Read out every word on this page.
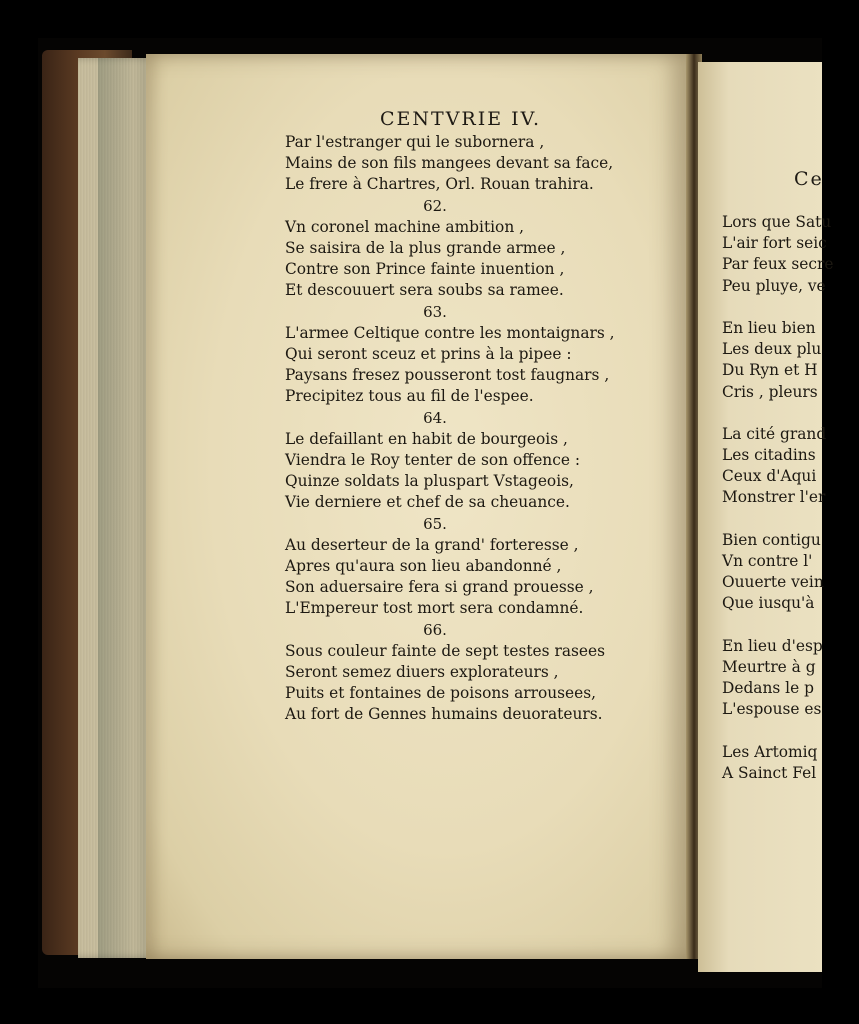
Ce
Lors que Satu
L'air fort seic
Par feux secre
Peu pluye, ve
En lieu bien
Les deux plu
Du Ryn et H
Cris , pleurs
La cité grand
Les citadins
Ceux d'Aqui
Monstrer l'er
Bien contigu
Vn contre l'
Ouuerte vein
Que iusqu'à
En lieu d'esp
Meurtre à g
Dedans le p
L'espouse es
Les Artomiq
A Sainct Fel
CENTVRIE IV.
Par l'estranger qui le subornera ,
Mains de son fils mangees devant sa face,
Le frere à Chartres, Orl. Rouan trahira.
62.
Vn coronel machine ambition ,
Se saisira de la plus grande armee ,
Contre son Prince fainte inuention ,
Et descouuert sera soubs sa ramee.
63.
L'armee Celtique contre les montaignars ,
Qui seront sceuz et prins à la pipee :
Paysans fresez pousseront tost faugnars ,
Precipitez tous au fil de l'espee.
64.
Le defaillant en habit de bourgeois ,
Viendra le Roy tenter de son offence :
Quinze soldats la pluspart Vstageois,
Vie derniere et chef de sa cheuance.
65.
Au deserteur de la grand' forteresse ,
Apres qu'aura son lieu abandonné ,
Son aduersaire fera si grand prouesse ,
L'Empereur tost mort sera condamné.
66.
Sous couleur fainte de sept testes rasees
Seront semez diuers explorateurs ,
Puits et fontaines de poisons arrousees,
Au fort de Gennes humains deuorateurs.
